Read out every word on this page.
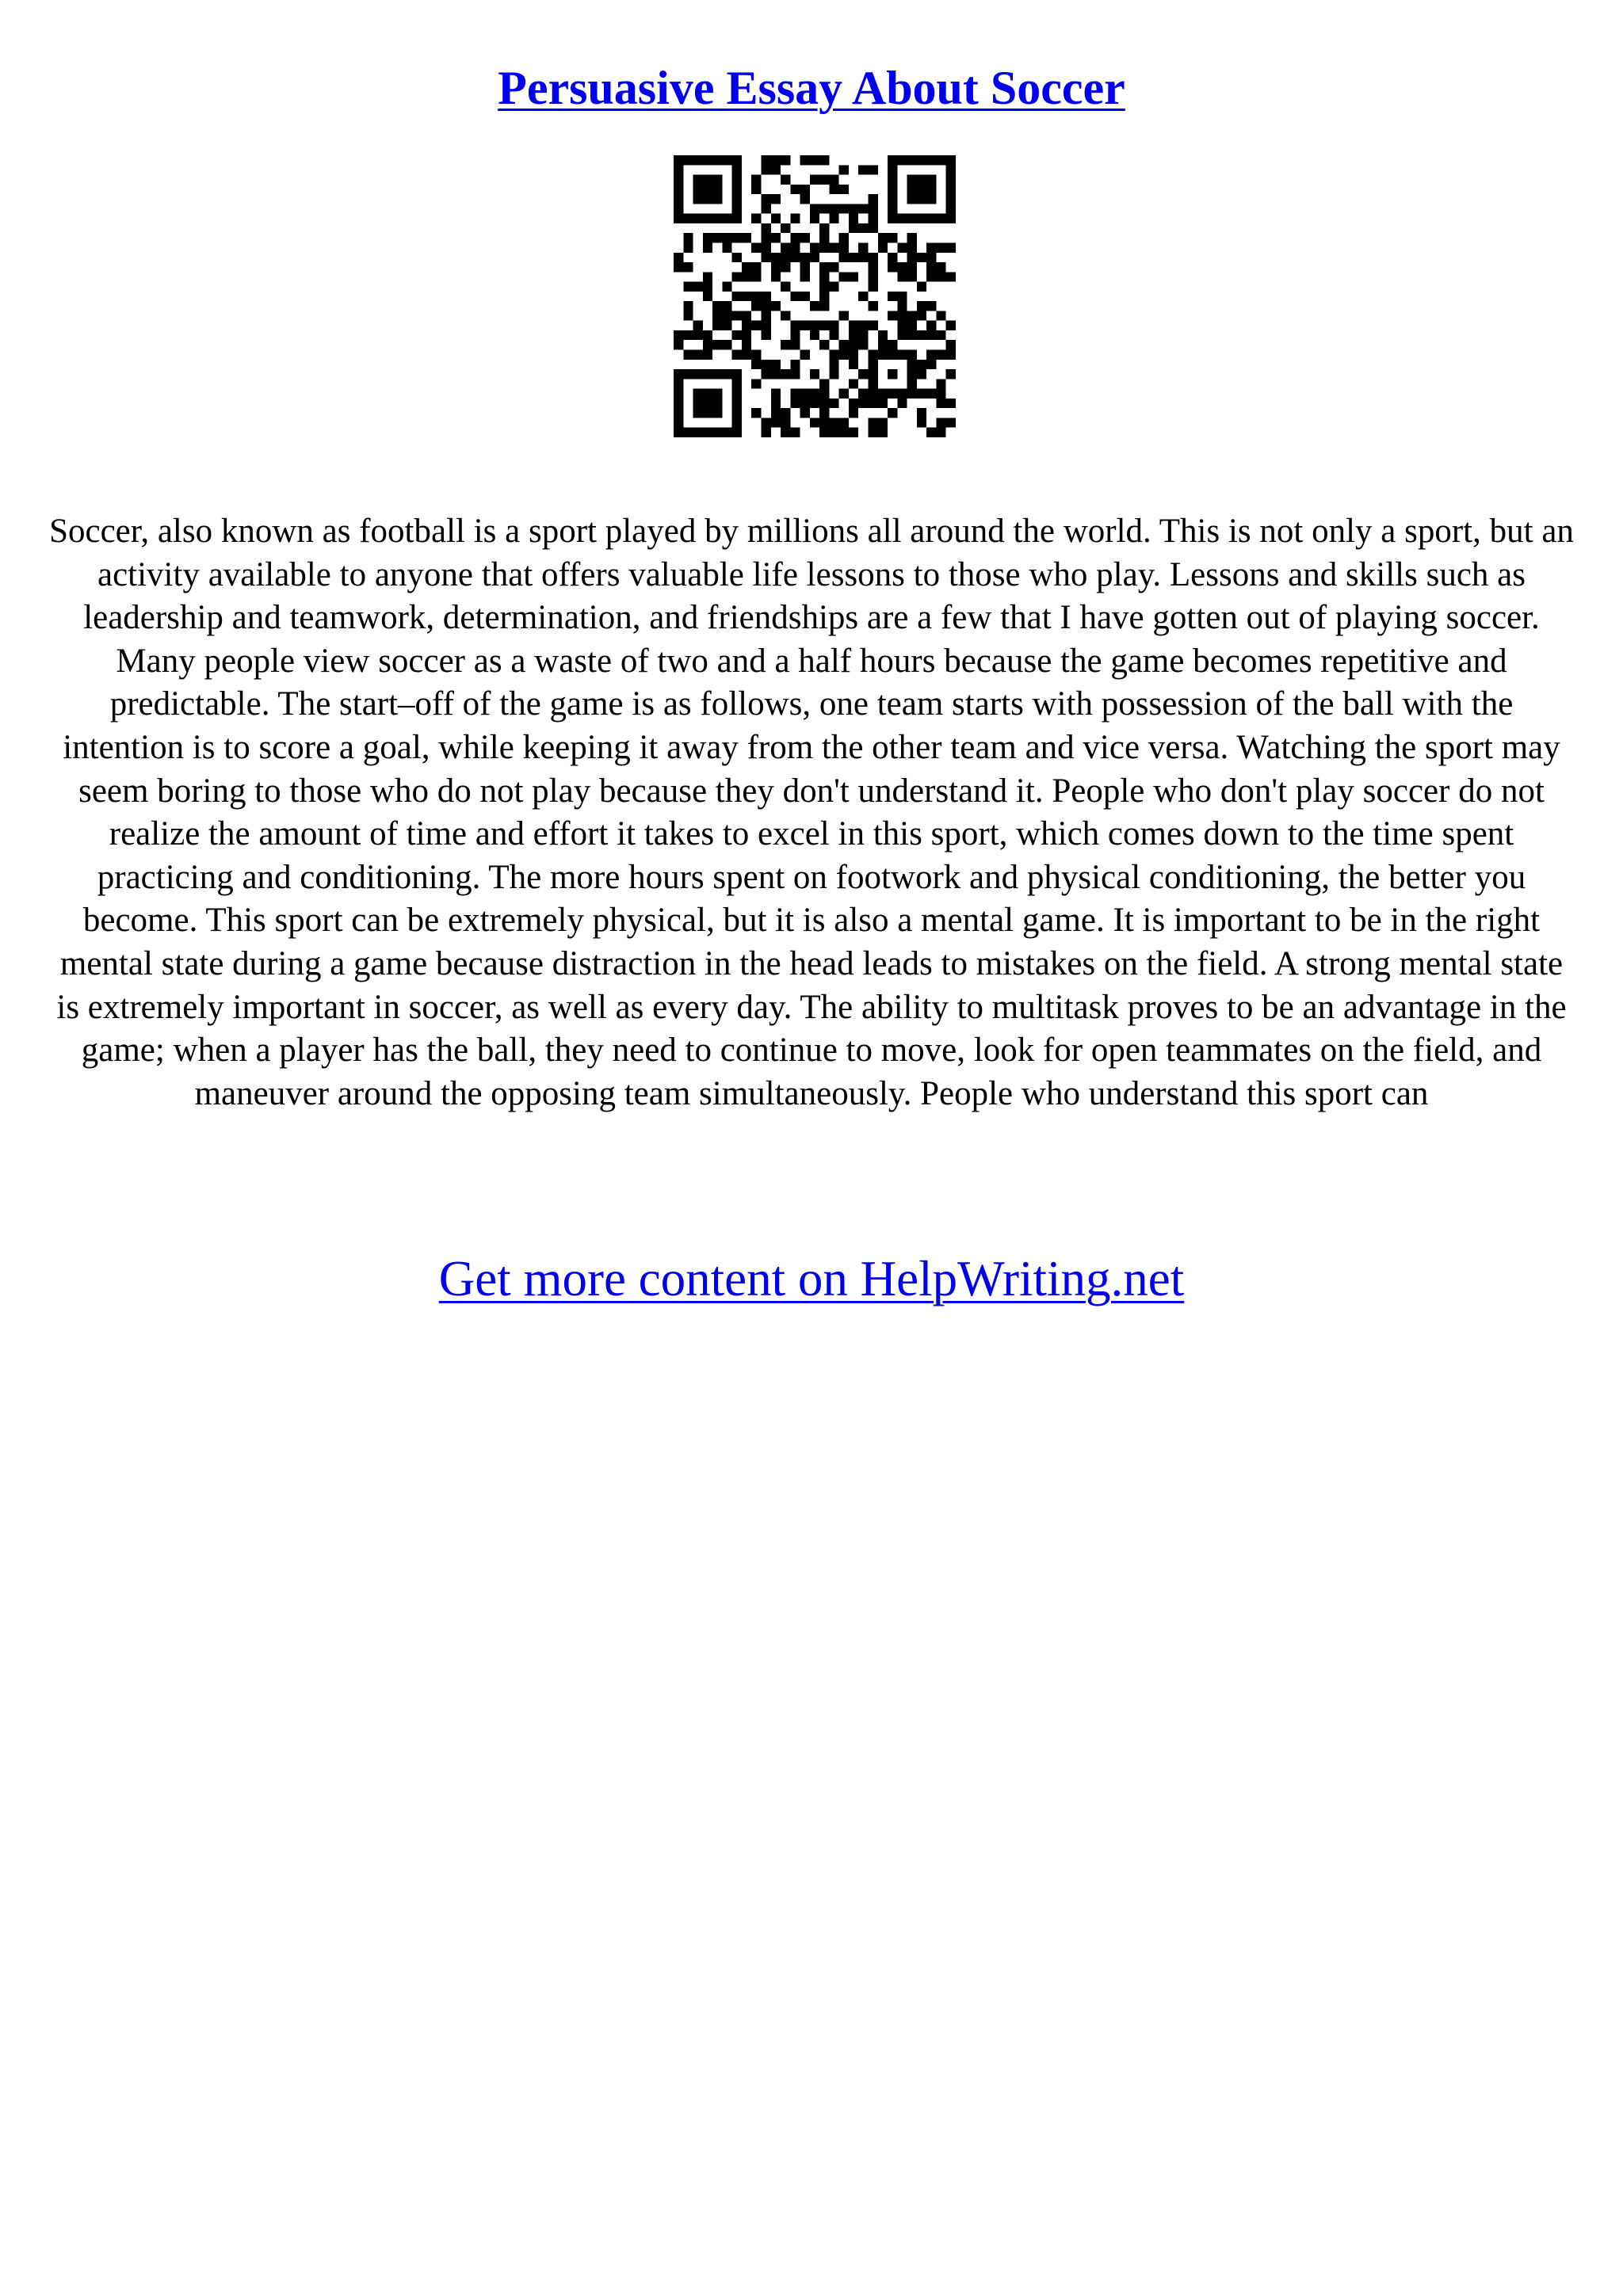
Persuasive Essay About Soccer

Soccer, also known as football is a sport played by millions all around the world. This is not only a sport, but an activity available to anyone that offers valuable life lessons to those who play. Lessons and skills such as leadership and teamwork, determination, and friendships are a few that I have gotten out of playing soccer. Many people view soccer as a waste of two and a half hours because the game becomes repetitive and predictable. The start–off of the game is as follows, one team starts with possession of the ball with the intention is to score a goal, while keeping it away from the other team and vice versa. Watching the sport may seem boring to those who do not play because they don't understand it. People who don't play soccer do not realize the amount of time and effort it takes to excel in this sport, which comes down to the time spent practicing and conditioning. The more hours spent on footwork and physical conditioning, the better you become. This sport can be extremely physical, but it is also a mental game. It is important to be in the right mental state during a game because distraction in the head leads to mistakes on the field. A strong mental state is extremely important in soccer, as well as every day. The ability to multitask proves to be an advantage in the game; when a player has the ball, they need to continue to move, look for open teammates on the field, and maneuver around the opposing team simultaneously. People who understand this sport can

Get more content on HelpWriting.net
